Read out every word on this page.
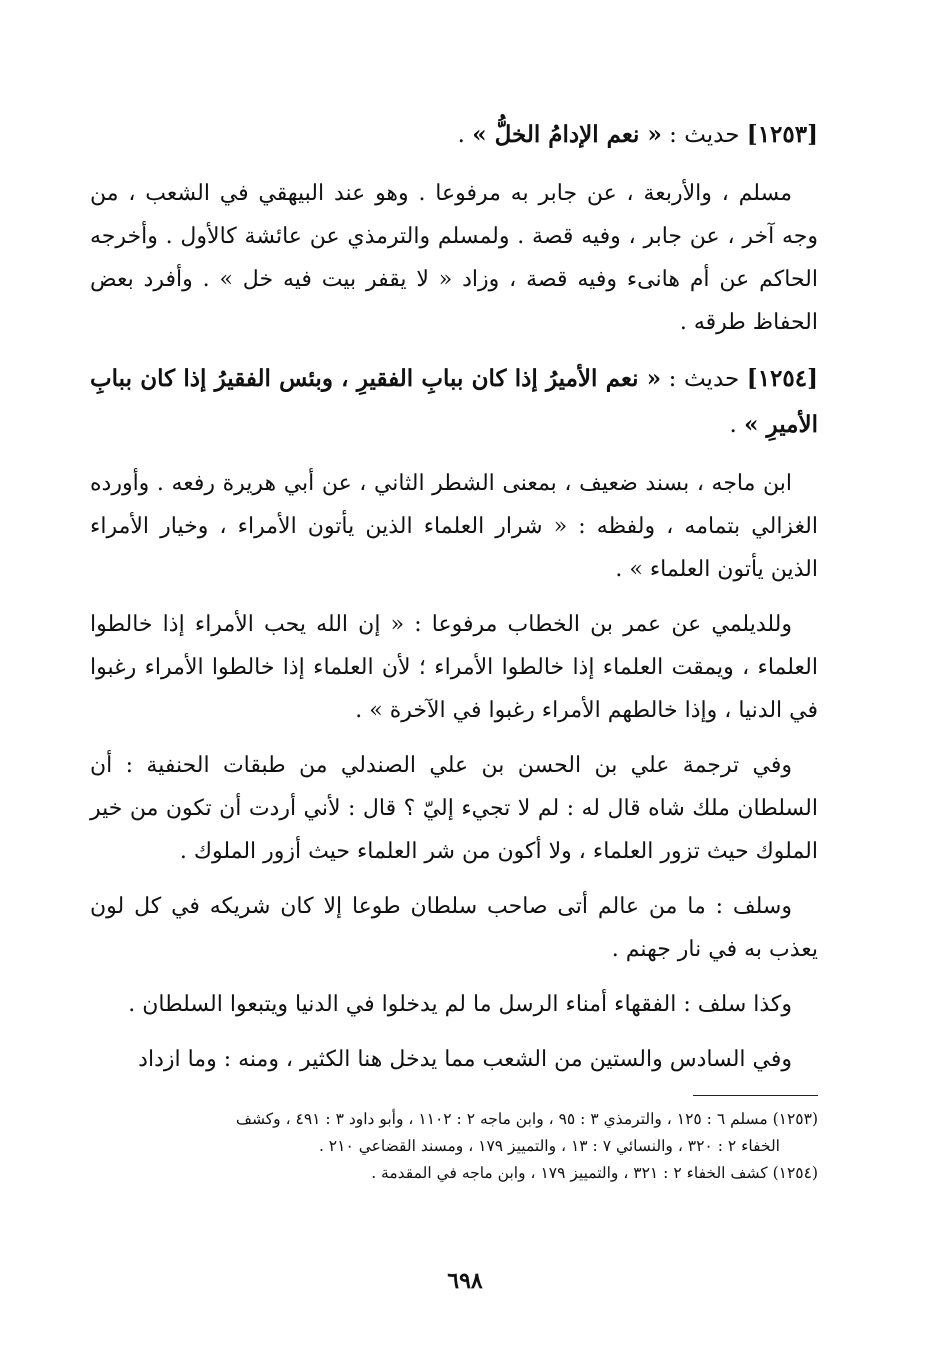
[١٢٥٣] حديث : « نعم الإدامُ الخلُّ » .

مسلم ، والأربعة ، عن جابر به مرفوعا . وهو عند البيهقي في الشعب ، من وجه آخر ، عن جابر ، وفيه قصة . ولمسلم والترمذي عن عائشة كالأول . وأخرجه الحاكم عن أم هانىء وفيه قصة ، وزاد « لا يقفر بيت فيه خل » . وأفرد بعض الحفاظ طرقه .

[١٢٥٤] حديث : « نعم الأميرُ إذا كان ببابِ الفقيرِ ، وبئس الفقيرُ إذا كان ببابِ الأميرِ » .

ابن ماجه ، بسند ضعيف ، بمعنى الشطر الثاني ، عن أبي هريرة رفعه . وأورده الغزالي بتمامه ، ولفظه : « شرار العلماء الذين يأتون الأمراء ، وخيار الأمراء الذين يأتون العلماء » .

وللديلمي عن عمر بن الخطاب مرفوعا : « إن الله يحب الأمراء إذا خالطوا العلماء ، ويمقت العلماء إذا خالطوا الأمراء ؛ لأن العلماء إذا خالطوا الأمراء رغبوا في الدنيا ، وإذا خالطهم الأمراء رغبوا في الآخرة » .

وفي ترجمة علي بن الحسن بن علي الصندلي من طبقات الحنفية : أن السلطان ملك شاه قال له : لم لا تجيء إليّ ؟ قال : لأني أردت أن تكون من خير الملوك حيث تزور العلماء ، ولا أكون من شر العلماء حيث أزور الملوك .

وسلف : ما من عالم أتى صاحب سلطان طوعا إلا كان شريكه في كل لون يعذب به في نار جهنم .

وكذا سلف : الفقهاء أمناء الرسل ما لم يدخلوا في الدنيا ويتبعوا السلطان .

وفي السادس والستين من الشعب مما يدخل هنا الكثير ، ومنه : وما ازداد

(١٢٥٣) مسلم ٦ : ١٢٥ ، والترمذي ٣ : ٩٥ ، وابن ماجه ٢ : ١١٠٢ ، وأبو داود ٣ : ٤٩١ ، وكشف

الخفاء ٢ : ٣٢٠ ، والنسائي ٧ : ١٣ ، والتمييز ١٧٩ ، ومسند القضاعي ٢١٠ .

(١٢٥٤) كشف الخفاء ٢ : ٣٢١ ، والتمييز ١٧٩ ، وابن ماجه في المقدمة .

٦٩٨
